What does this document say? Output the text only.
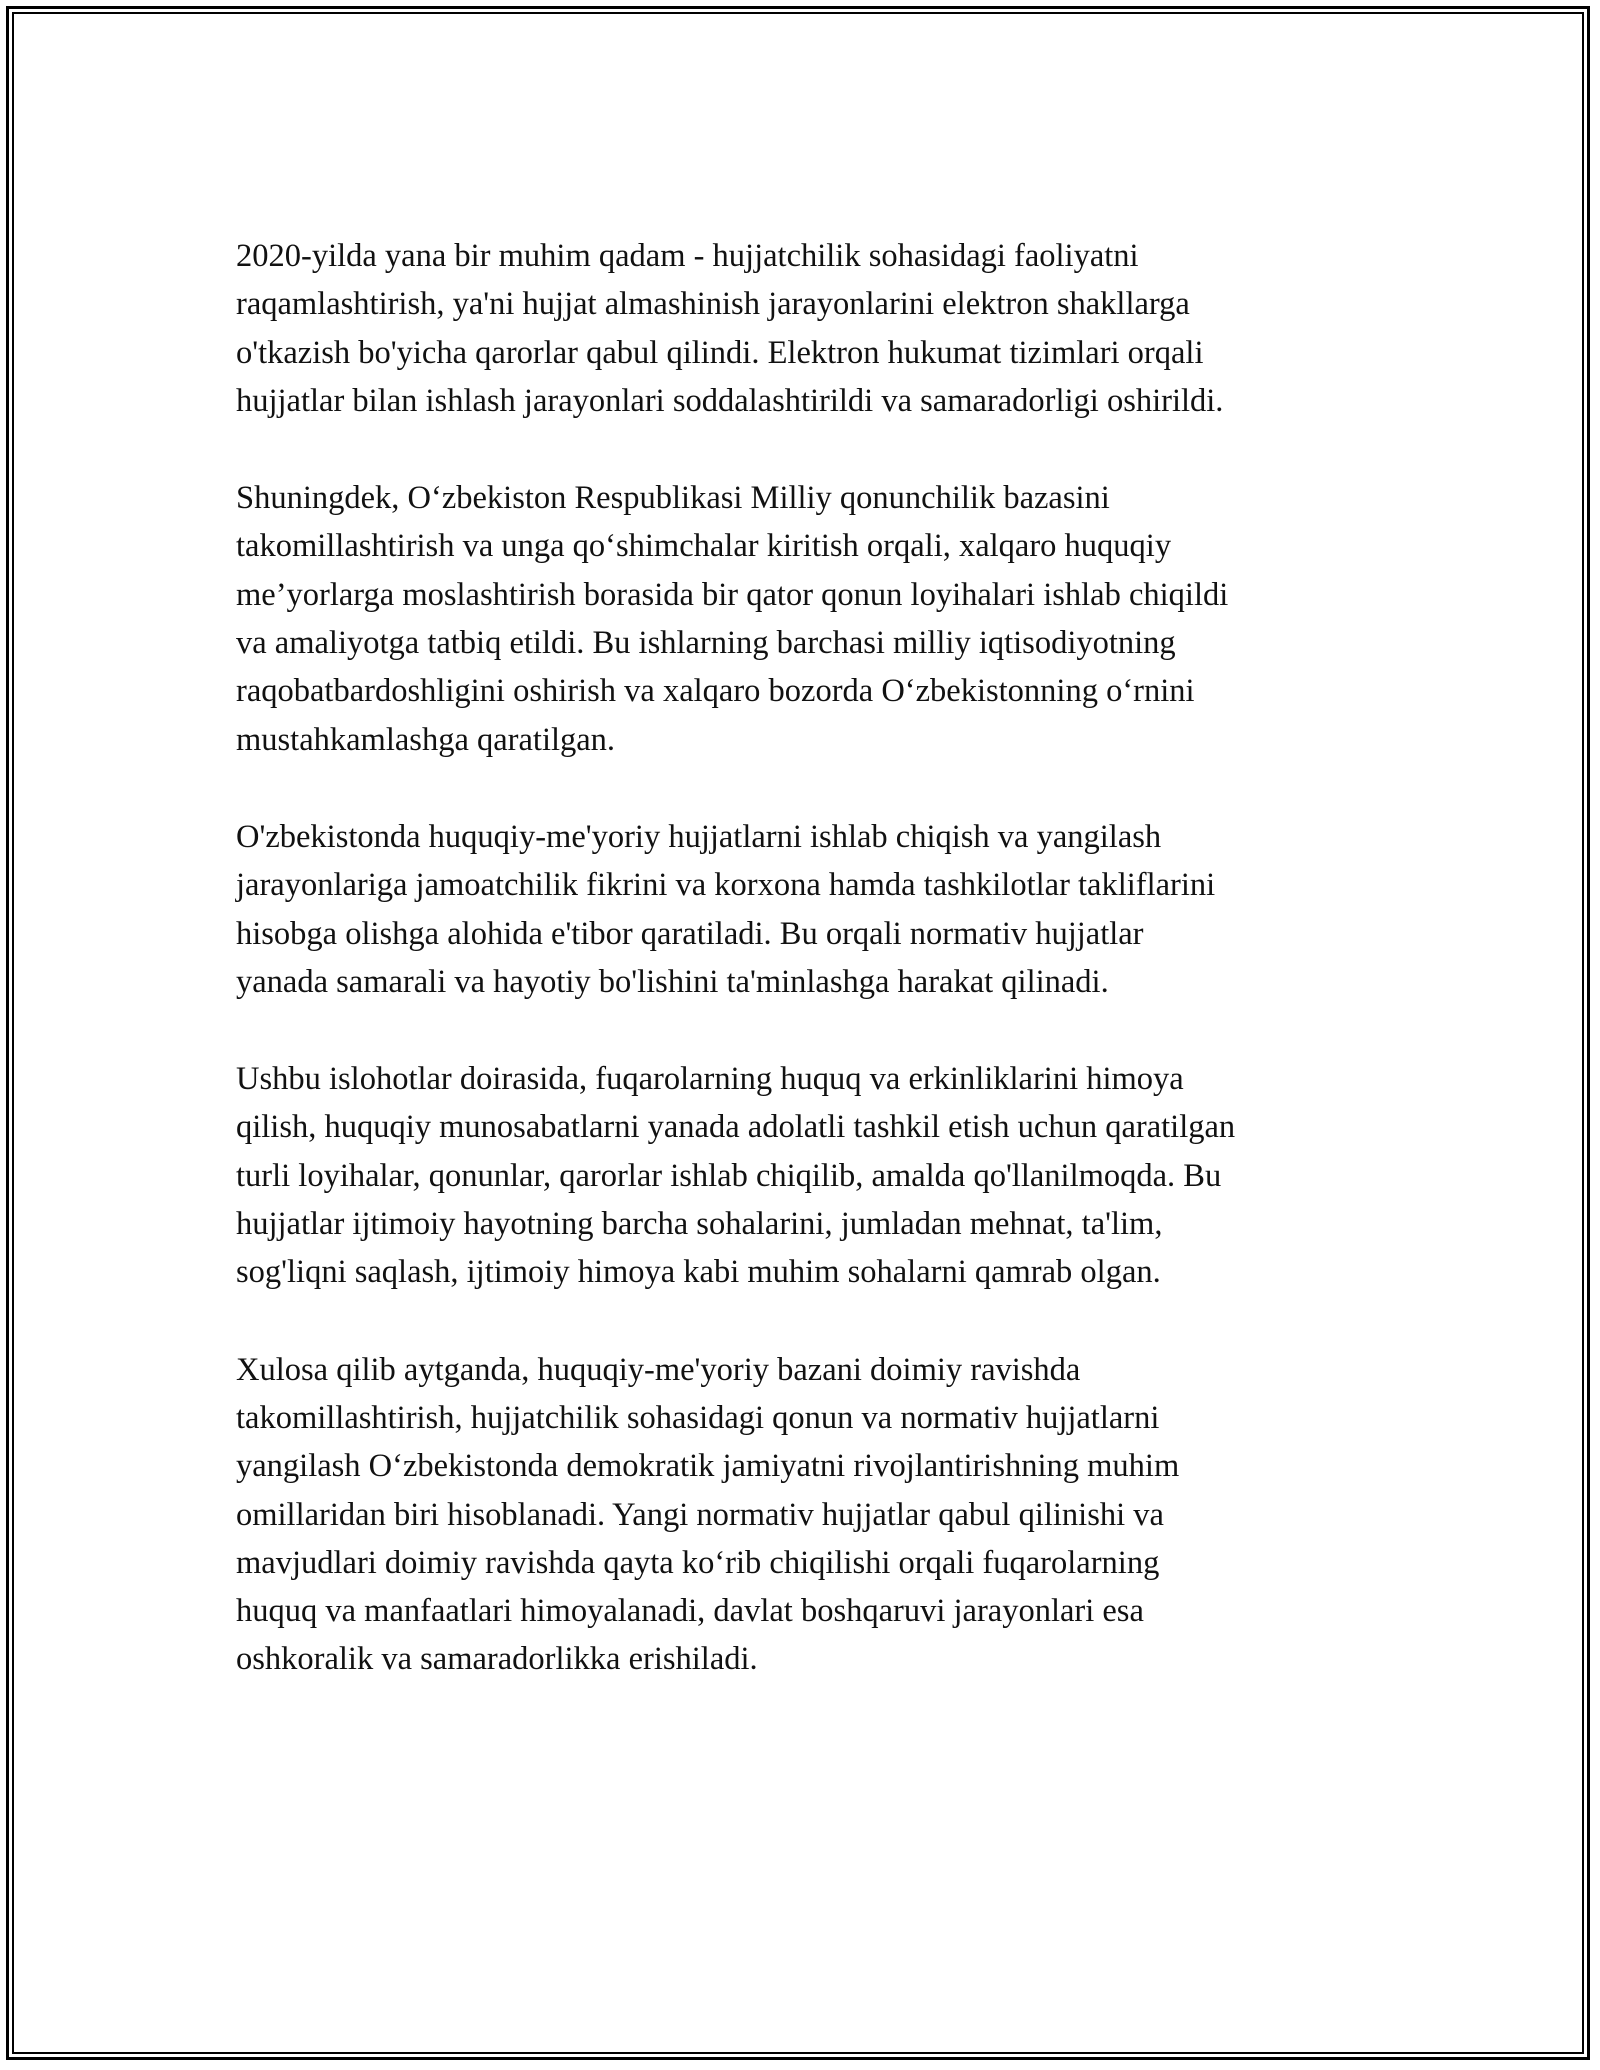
2020-yilda yana bir muhim qadam - hujjatchilik sohasidagi faoliyatni
raqamlashtirish, ya'ni hujjat almashinish jarayonlarini elektron shakllarga
o'tkazish bo'yicha qarorlar qabul qilindi. Elektron hukumat tizimlari orqali
hujjatlar bilan ishlash jarayonlari soddalashtirildi va samaradorligi oshirildi.

Shuningdek, O‘zbekiston Respublikasi Milliy qonunchilik bazasini
takomillashtirish va unga qo‘shimchalar kiritish orqali, xalqaro huquqiy
me’yorlarga moslashtirish borasida bir qator qonun loyihalari ishlab chiqildi
va amaliyotga tatbiq etildi. Bu ishlarning barchasi milliy iqtisodiyotning
raqobatbardoshligini oshirish va xalqaro bozorda O‘zbekistonning o‘rnini
mustahkamlashga qaratilgan.

O'zbekistonda huquqiy-me'yoriy hujjatlarni ishlab chiqish va yangilash
jarayonlariga jamoatchilik fikrini va korxona hamda tashkilotlar takliflarini
hisobga olishga alohida e'tibor qaratiladi. Bu orqali normativ hujjatlar
yanada samarali va hayotiy bo'lishini ta'minlashga harakat qilinadi.

Ushbu islohotlar doirasida, fuqarolarning huquq va erkinliklarini himoya
qilish, huquqiy munosabatlarni yanada adolatli tashkil etish uchun qaratilgan
turli loyihalar, qonunlar, qarorlar ishlab chiqilib, amalda qo'llanilmoqda. Bu
hujjatlar ijtimoiy hayotning barcha sohalarini, jumladan mehnat, ta'lim,
sog'liqni saqlash, ijtimoiy himoya kabi muhim sohalarni qamrab olgan.

Xulosa qilib aytganda, huquqiy-me'yoriy bazani doimiy ravishda
takomillashtirish, hujjatchilik sohasidagi qonun va normativ hujjatlarni
yangilash O‘zbekistonda demokratik jamiyatni rivojlantirishning muhim
omillaridan biri hisoblanadi. Yangi normativ hujjatlar qabul qilinishi va
mavjudlari doimiy ravishda qayta ko‘rib chiqilishi orqali fuqarolarning
huquq va manfaatlari himoyalanadi, davlat boshqaruvi jarayonlari esa
oshkoralik va samaradorlikka erishiladi.
